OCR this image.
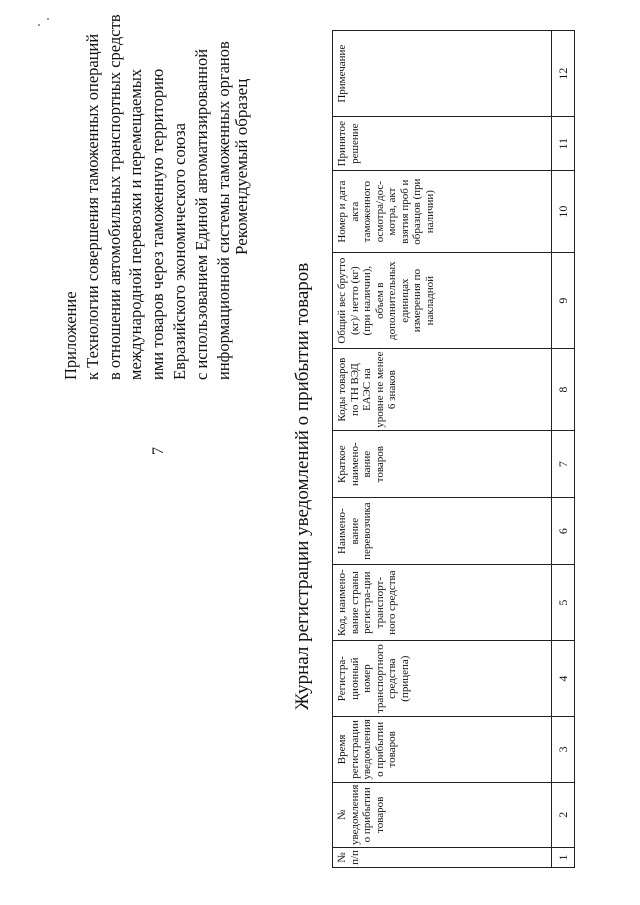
7
Приложение к Технологии совершения таможенных операций в отношении автомобильных транспортных средств международной перевозки и перемещаемых ими товаров через таможенную территорию Евразийского экономического союза с использованием Единой автоматизированной информационной системы таможенных органов Рекомендуемый образец
Журнал регистрации уведомлений о прибытии товаров
№ п/п	№ уведомления о прибытии товаров	Время регистрации уведомления о прибытии товаров	Регистра-ционный номер транспортного средства (прицепа)	Код, наимено-вание страны регистра-ции транспорт-ного средства	Наимено-вание перевозчика	Краткое наимено-вание товаров	Коды товаров по ТН ВЭД ЕАЭС на уровне не менее 6 знаков	Общий вес брутто (кг)/ нетто (кг) (при наличии), объем в дополнительных единицах измерения по накладной	Номер и дата акта таможенного осмотра/дос-мотра, акт взятия проб и образцов (при наличии)	Принятое решение	Примечание
1	2	3	4	5	6	7	8	9	10	11	12
